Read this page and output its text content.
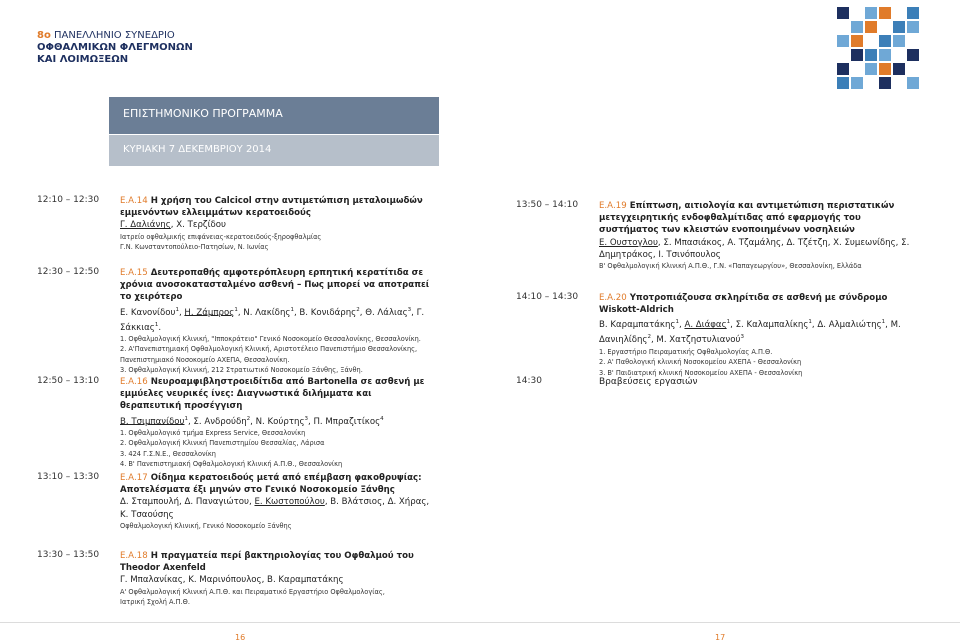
8ο ΠΑΝΕΛΛΗΝΙΟ ΣΥΝΕΔΡΙΟ
ΟΦΘΑΛΜΙΚΩΝ ΦΛΕΓΜΟΝΩΝ
ΚΑΙ ΛΟΙΜΩΞΕΩΝ
ΕΠΙΣΤΗΜΟΝΙΚΟ ΠΡΟΓΡΑΜΜΑ
ΚΥΡΙΑΚΗ 7 ΔΕΚΕΜΒΡΙΟΥ 2014
12:10 – 12:30 Ε.Α.14 Η χρήση του Calcicol στην αντιμετώπιση μεταλοιμωδών εμμενόντων ελλειμμάτων κερατοειδούς
Γ. Δαλιάνης, Χ. Τερζίδου
Ιατρείο οφθαλμικής επιφάνειας-κερατοειδούς-ξηροφθαλμίας
Γ.Ν. Κωνσταντοπούλειο-Πατησίων, Ν. Ιωνίας
12:30 – 12:50 Ε.Α.15 Δευτεροπαθής αμφοτερόπλευρη ερπητική κερατίτιδα σε χρόνια ανοσοκατασταλμένο ασθενή – Πως μπορεί να αποτραπεί το χειρότερο
Ε. Κανονίδου$^1$, Η. Ζάμπρος$^1$, Ν. Λακίδης$^1$, Β. Κονιδάρης$^2$, Θ. Λάλιας$^3$, Γ. Σάκκιας$^1$.
1. Οφθαλμολογική Κλινική, "Ιπποκράτειο" Γενικό Νοσοκομείο Θεσσαλονίκης, Θεσσαλονίκη.
2. Α'Πανεπιστημιακή Οφθαλμολογική Κλινική, Αριστοτέλειο Πανεπιστήμιο Θεσσαλονίκης,
Πανεπιστημιακό Νοσοκομείο ΑΧΕΠΑ, Θεσσαλονίκη.
3. Οφθαλμολογική Κλινική, 212 Στρατιωτικό Νοσοκομείο Ξάνθης, Ξάνθη.
12:50 – 13:10 Ε.Α.16 Νευροαμφιβληστροειδίτιδα από Bartonella σε ασθενή με εμμύελες νευρικές ίνες: Διαγνωστικά διλήμματα και θεραπευτική προσέγγιση
Β. Τσιμπανίδου$^1$, Σ. Ανδρούδη$^2$, Ν. Κούρτης$^3$, Π. Μπραζιτίκος$^4$
1. Οφθαλμολογικό τμήμα Express Service, Θεσσαλονίκη
2. Οφθαλμολογική Κλινική Πανεπιστημίου Θεσσαλίας, Λάρισα
3. 424 Γ.Σ.Ν.Ε., Θεσσαλονίκη
4. Β' Πανεπιστημιακή Οφθαλμολογική Κλινική Α.Π.Θ., Θεσσαλονίκη
13:10 – 13:30 Ε.Α.17 Οίδημα κερατοειδούς μετά από επέμβαση φακοθρυψίας: Αποτελέσματα έξι μηνών στο Γενικό Νοσοκομείο Ξάνθης
Δ. Σταμπουλή, Δ. Παναγιώτου, Ε. Κωστοπούλου, Β. Βλάτσιος, Δ. Χήρας, Κ. Τσαούσης
Οφθαλμολογική Κλινική, Γενικό Νοσοκομείο Ξάνθης
13:30 – 13:50 Ε.Α.18 Η πραγματεία περί βακτηριολογίας του Οφθαλμού του Theodor Axenfeld
Γ. Μπαλανίκας, Κ. Μαρινόπουλος, Β. Καραμπατάκης
Α' Οφθαλμολογική Κλινική Α.Π.Θ. και Πειραματικό Εργαστήριο Οφθαλμολογίας,
Ιατρική Σχολή Α.Π.Θ.
13:50 – 14:10 Ε.Α.19 Επίπτωση, αιτιολογία και αντιμετώπιση περιστατικών μετεγχειρητικής ενδοφθαλμίτιδας από εφαρμογής του συστήματος των κλειστών ενοποιημένων νοσηλειών
Ε. Ουστογλου, Σ. Μπασιάκος, Α. Τζαμάλης, Δ. Τζέτζη, Χ. Συμεωνίδης, Σ. Δημητράκος, Ι. Τσινόπουλος
Β' Οφθαλμολογική Κλινική Α.Π.Θ., Γ.Ν. «Παπαγεωργίου», Θεσσαλονίκη, Ελλάδα
14:10 – 14:30 Ε.Α.20 Υποτροπιάζουσα σκληρίτιδα σε ασθενή με σύνδρομο Wiskott-Aldrich
Β. Καραμπατάκης$^1$, Α. Διάφας$^1$, Σ. Καλαμπαλίκης$^1$, Δ. Αλμαλιώτης$^1$, Μ. Δανιηλίδης$^2$, Μ. Χατζηστυλιανού$^3$
1. Εργαστήριο Πειραματικής Οφθαλμολογίας Α.Π.Θ.
2. Α' Παθολογική κλινική Νοσοκομείου ΑΧΕΠΑ - Θεσσαλονίκη
3. Β' Παιδιατρική κλινική Νοσοκομείου ΑΧΕΠΑ - Θεσσαλονίκη
14:30	Βραβεύσεις εργασιών
16	17
